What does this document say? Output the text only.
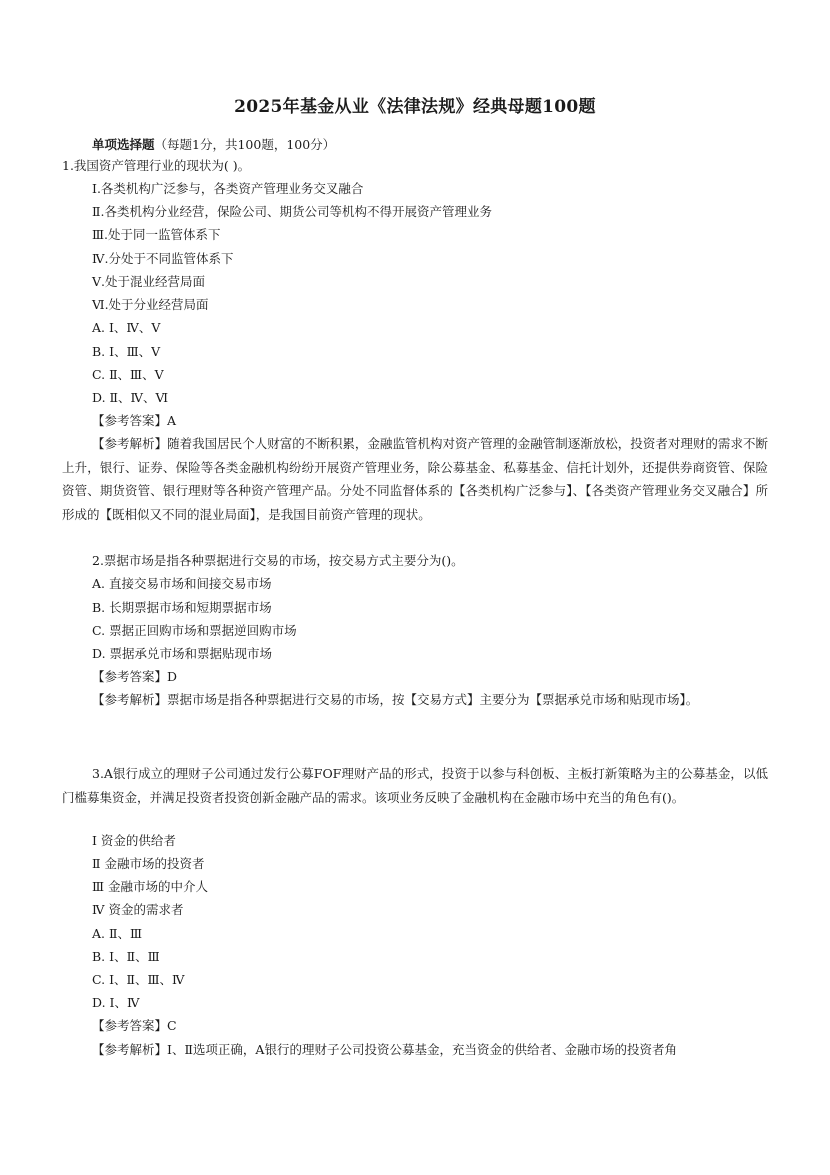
2025年基金从业《法律法规》经典母题100题
单项选择题（每题1分，共100题，100分）
1.我国资产管理行业的现状为( )。
Ⅰ.各类机构广泛参与，各类资产管理业务交叉融合
Ⅱ.各类机构分业经营，保险公司、期货公司等机构不得开展资产管理业务
Ⅲ.处于同一监管体系下
Ⅳ.分处于不同监管体系下
Ⅴ.处于混业经营局面
Ⅵ.处于分业经营局面
A. Ⅰ、Ⅳ、Ⅴ
B. Ⅰ、Ⅲ、Ⅴ
C. Ⅱ、Ⅲ、Ⅴ
D. Ⅱ、Ⅳ、Ⅵ
【参考答案】A
【参考解析】随着我国居民个人财富的不断积累，金融监管机构对资产管理的金融管制逐渐放松，投资者对理财的需求不断上升，银行、证券、保险等各类金融机构纷纷开展资产管理业务，除公募基金、私募基金、信托计划外，还提供券商资管、保险资管、期货资管、银行理财等各种资产管理产品。分处不同监督体系的【各类机构广泛参与】、【各类资产管理业务交叉融合】所形成的【既相似又不同的混业局面】，是我国目前资产管理的现状。
2.票据市场是指各种票据进行交易的市场，按交易方式主要分为()。
A. 直接交易市场和间接交易市场
B. 长期票据市场和短期票据市场
C. 票据正回购市场和票据逆回购市场
D. 票据承兑市场和票据贴现市场
【参考答案】D
【参考解析】票据市场是指各种票据进行交易的市场，按【交易方式】主要分为【票据承兑市场和贴现市场】。
3.A银行成立的理财子公司通过发行公募FOF理财产品的形式，投资于以参与科创板、主板打新策略为主的公募基金，以低门槛募集资金，并满足投资者投资创新金融产品的需求。该项业务反映了金融机构在金融市场中充当的角色有()。
Ⅰ 资金的供给者
Ⅱ 金融市场的投资者
Ⅲ 金融市场的中介人
Ⅳ 资金的需求者
A. Ⅱ、Ⅲ
B. Ⅰ、Ⅱ、Ⅲ
C. Ⅰ、Ⅱ、Ⅲ、Ⅳ
D. Ⅰ、Ⅳ
【参考答案】C
【参考解析】Ⅰ、Ⅱ选项正确，A银行的理财子公司投资公募基金，充当资金的供给者、金融市场的投资者角
